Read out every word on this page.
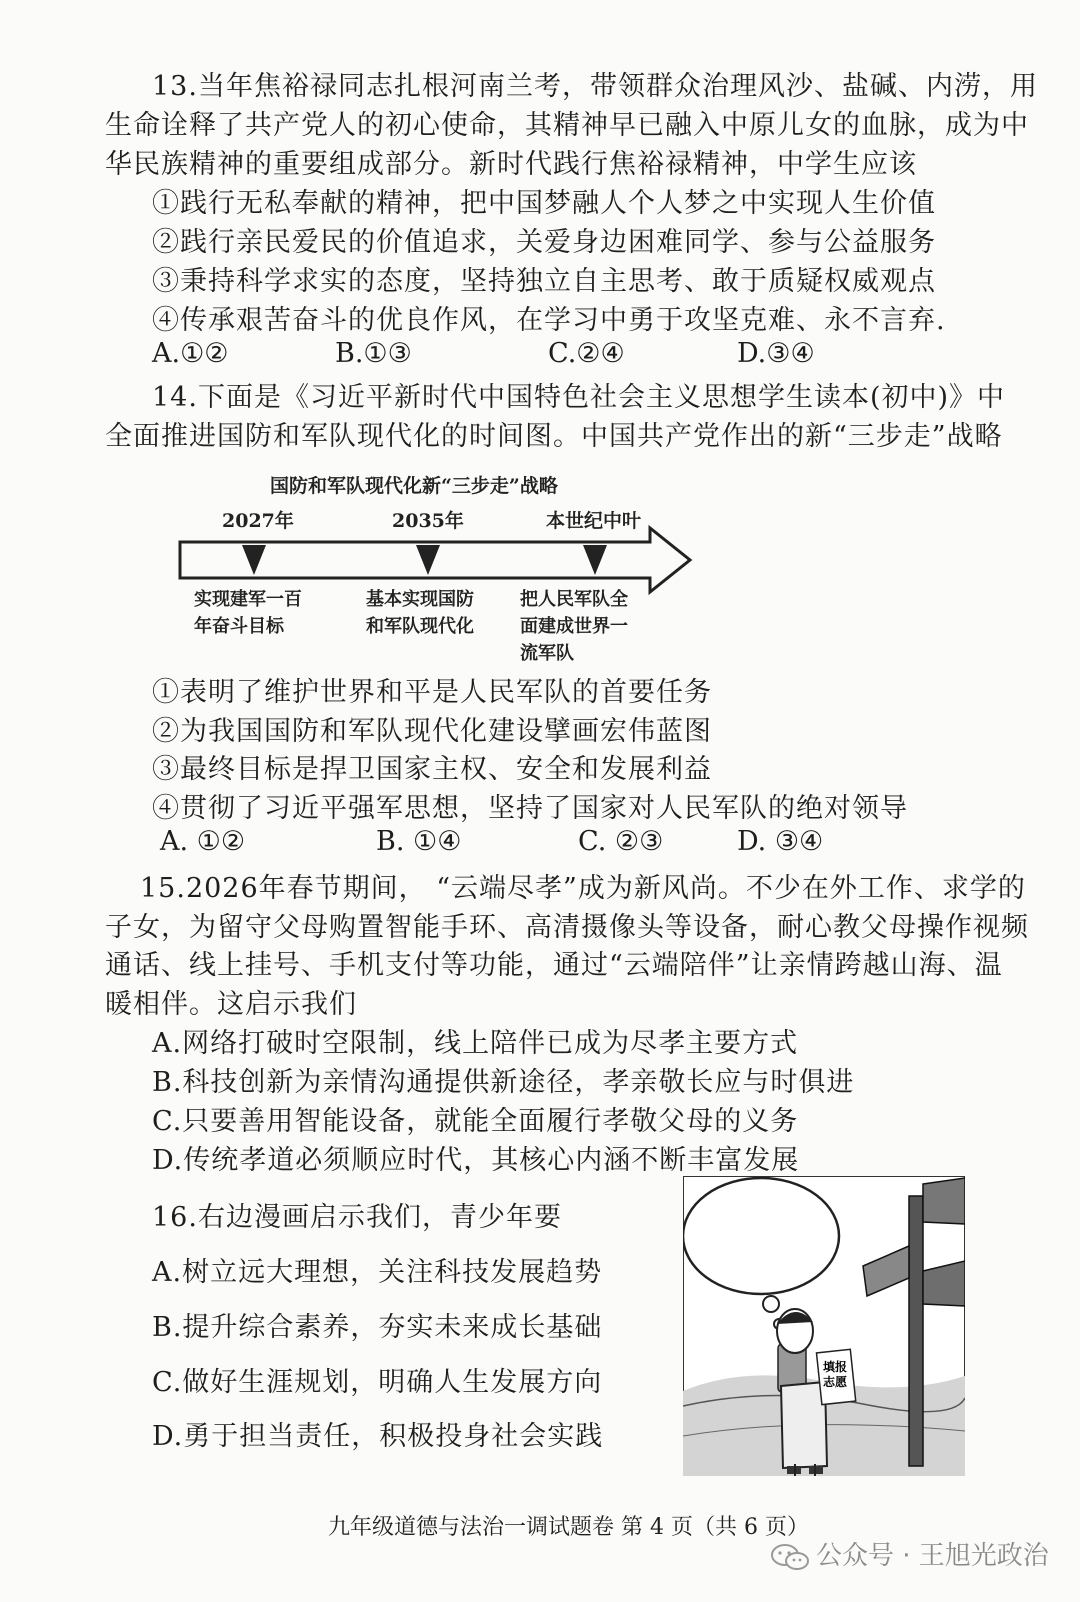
13.当年焦裕禄同志扎根河南兰考，带领群众治理风沙、盐碱、内涝，用
生命诠释了共产党人的初心使命，其精神早已融入中原儿女的血脉，成为中
华民族精神的重要组成部分。新时代践行焦裕禄精神，中学生应该
①践行无私奉献的精神，把中国梦融人个人梦之中实现人生价值
②践行亲民爱民的价值追求，关爱身边困难同学、参与公益服务
③秉持科学求实的态度，坚持独立自主思考、敢于质疑权威观点
④传承艰苦奋斗的优良作风，在学习中勇于攻坚克难、永不言弃.
A.①②	B.①③	C.②④	D.③④
14.下面是《习近平新时代中国特色社会主义思想学生读本(初中)》中
全面推进国防和军队现代化的时间图。中国共产党作出的新“三步走”战略
国防和军队现代化新“三步走”战略
2027年	2035年	本世纪中叶
实现建军一百
年奋斗目标
基本实现国防
和军队现代化
把人民军队全
面建成世界一
流军队
①表明了维护世界和平是人民军队的首要任务
②为我国国防和军队现代化建设擘画宏伟蓝图
③最终目标是捍卫国家主权、安全和发展利益
④贯彻了习近平强军思想，坚持了国家对人民军队的绝对领导
A. ①②	B. ①④	C. ②③	D. ③④
15.2026年春节期间， “云端尽孝”成为新风尚。不少在外工作、求学的
子女，为留守父母购置智能手环、高清摄像头等设备，耐心教父母操作视频
通话、线上挂号、手机支付等功能，通过“云端陪伴”让亲情跨越山海、温
暖相伴。这启示我们
A.网络打破时空限制，线上陪伴已成为尽孝主要方式
B.科技创新为亲情沟通提供新途径，孝亲敬长应与时俱进
C.只要善用智能设备，就能全面履行孝敬父母的义务
D.传统孝道必须顺应时代，其核心内涵不断丰富发展
16.右边漫画启示我们，青少年要
A.树立远大理想，关注科技发展趋势
B.提升综合素养，夯实未来成长基础
C.做好生涯规划，明确人生发展方向
D.勇于担当责任，积极投身社会实践
填报
志愿
九年级道德与法治一调试题卷 第 4 页（共 6 页）
公众号 · 王旭光政治
